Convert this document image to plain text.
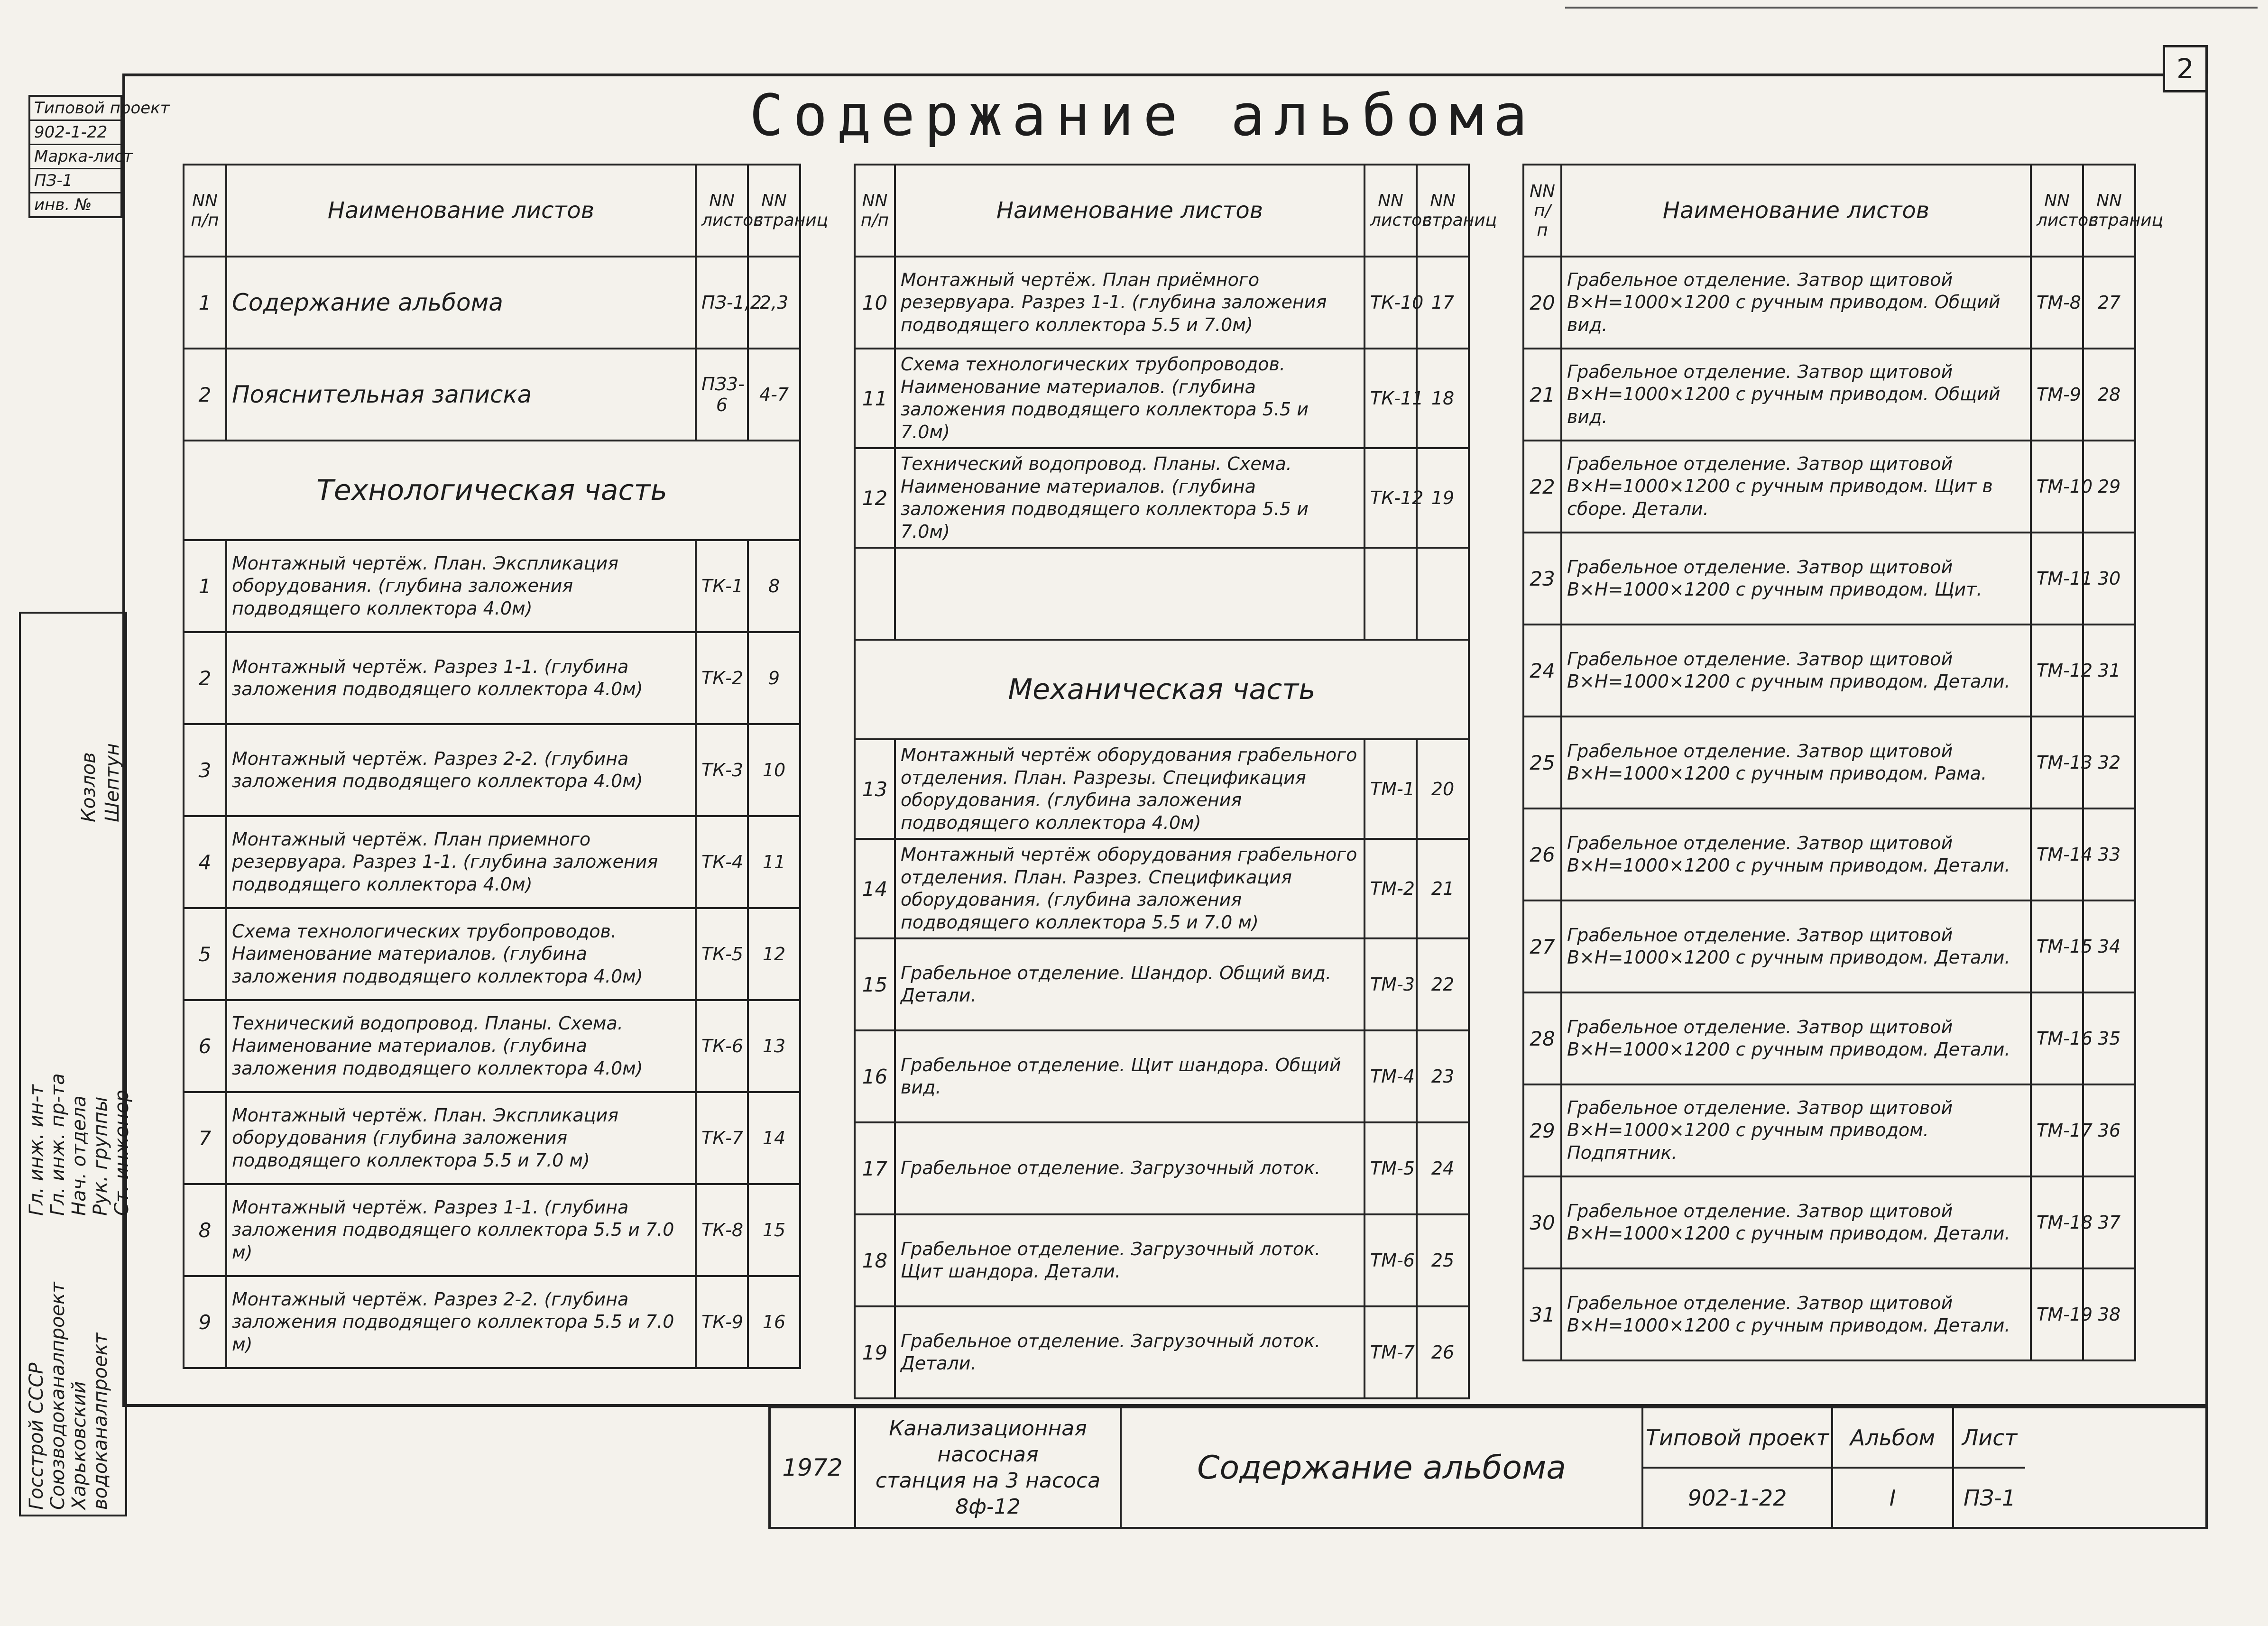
2
Содержание альбома
Типовой проект
902-1-22
Марка-лист
ПЗ-1
инв. №
Госстрой СССР Союзводоканалпроект Харьковский водоканалпроект
Шептун
Козлов
Гл. инж. ин-т Гл. инж. пр-та Нач. отдела Рук. группы Ст. инженер
NN п/п	Наименование листов	NN листов	NN страниц
1	Содержание альбома	ПЗ-1,2	2,3
2	Пояснительная записка	ПЗ3-6	4-7
Технологическая часть			
1	Монтажный чертёж. План. Экспликация оборудования. (глубина заложения подводящего коллектора 4.0м)	ТК-1	8
2	Монтажный чертёж. Разрез 1-1. (глубина заложения подводящего коллектора 4.0м)	ТК-2	9
3	Монтажный чертёж. Разрез 2-2. (глубина заложения подводящего коллектора 4.0м)	ТК-3	10
4	Монтажный чертёж. План приемного резервуара. Разрез 1-1. (глубина заложения подводящего коллектора 4.0м)	ТК-4	11
5	Схема технологических трубопроводов. Наименование материалов. (глубина заложения подводящего коллектора 4.0м)	ТК-5	12
6	Технический водопровод. Планы. Схема. Наименование материалов. (глубина заложения подводящего коллектора 4.0м)	ТК-6	13
7	Монтажный чертёж. План. Экспликация оборудования (глубина заложения подводящего коллектора 5.5 и 7.0 м)	ТК-7	14
8	Монтажный чертёж. Разрез 1-1. (глубина заложения подводящего коллектора 5.5 и 7.0 м)	ТК-8	15
9	Монтажный чертёж. Разрез 2-2. (глубина заложения подводящего коллектора 5.5 и 7.0 м)	ТК-9	16
NN п/п	Наименование листов	NN листов	NN страниц
10	Монтажный чертёж. План приёмного резервуара. Разрез 1-1. (глубина заложения подводящего коллектора 5.5 и 7.0м)	ТК-10	17
11	Схема технологических трубопроводов. Наименование материалов. (глубина заложения подводящего коллектора 5.5 и 7.0м)	ТК-11	18
12	Технический водопровод. Планы. Схема. Наименование материалов. (глубина заложения подводящего коллектора 5.5 и 7.0м)	ТК-12	19

Механическая часть			
13	Монтажный чертёж оборудования грабельного отделения. План. Разрезы. Спецификация оборудования. (глубина заложения подводящего коллектора 4.0м)	ТМ-1	20
14	Монтажный чертёж оборудования грабельного отделения. План. Разрез. Спецификация оборудования. (глубина заложения подводящего коллектора 5.5 и 7.0 м)	ТМ-2	21
15	Грабельное отделение. Шандор. Общий вид. Детали.	ТМ-3	22
16	Грабельное отделение. Щит шандора. Общий вид.	ТМ-4	23
17	Грабельное отделение. Загрузочный лоток.	ТМ-5	24
18	Грабельное отделение. Загрузочный лоток. Щит шандора. Детали.	ТМ-6	25
19	Грабельное отделение. Загрузочный лоток. Детали.	ТМ-7	26
NN п/п	Наименование листов	NN листов	NN страниц
20	Грабельное отделение. Затвор щитовой В×Н=1000×1200 с ручным приводом. Общий вид.	ТМ-8	27
21	Грабельное отделение. Затвор щитовой В×Н=1000×1200 с ручным приводом. Общий вид.	ТМ-9	28
22	Грабельное отделение. Затвор щитовой В×Н=1000×1200 с ручным приводом. Щит в сборе. Детали.	ТМ-10	29
23	Грабельное отделение. Затвор щитовой В×Н=1000×1200 с ручным приводом. Щит.	ТМ-11	30
24	Грабельное отделение. Затвор щитовой В×Н=1000×1200 с ручным приводом. Детали.	ТМ-12	31
25	Грабельное отделение. Затвор щитовой В×Н=1000×1200 с ручным приводом. Рама.	ТМ-13	32
26	Грабельное отделение. Затвор щитовой В×Н=1000×1200 с ручным приводом. Детали.	ТМ-14	33
27	Грабельное отделение. Затвор щитовой В×Н=1000×1200 с ручным приводом. Детали.	ТМ-15	34
28	Грабельное отделение. Затвор щитовой В×Н=1000×1200 с ручным приводом. Детали.	ТМ-16	35
29	Грабельное отделение. Затвор щитовой В×Н=1000×1200 с ручным приводом. Подпятник.	ТМ-17	36
30	Грабельное отделение. Затвор щитовой В×Н=1000×1200 с ручным приводом. Детали.	ТМ-18	37
31	Грабельное отделение. Затвор щитовой В×Н=1000×1200 с ручным приводом. Детали.	ТМ-19	38
1972
Канализационная насосная
станция на 3 насоса
8ф-12
Содержание альбома
Типовой проект
902-1-22
Альбом
I
Лист
ПЗ-1
